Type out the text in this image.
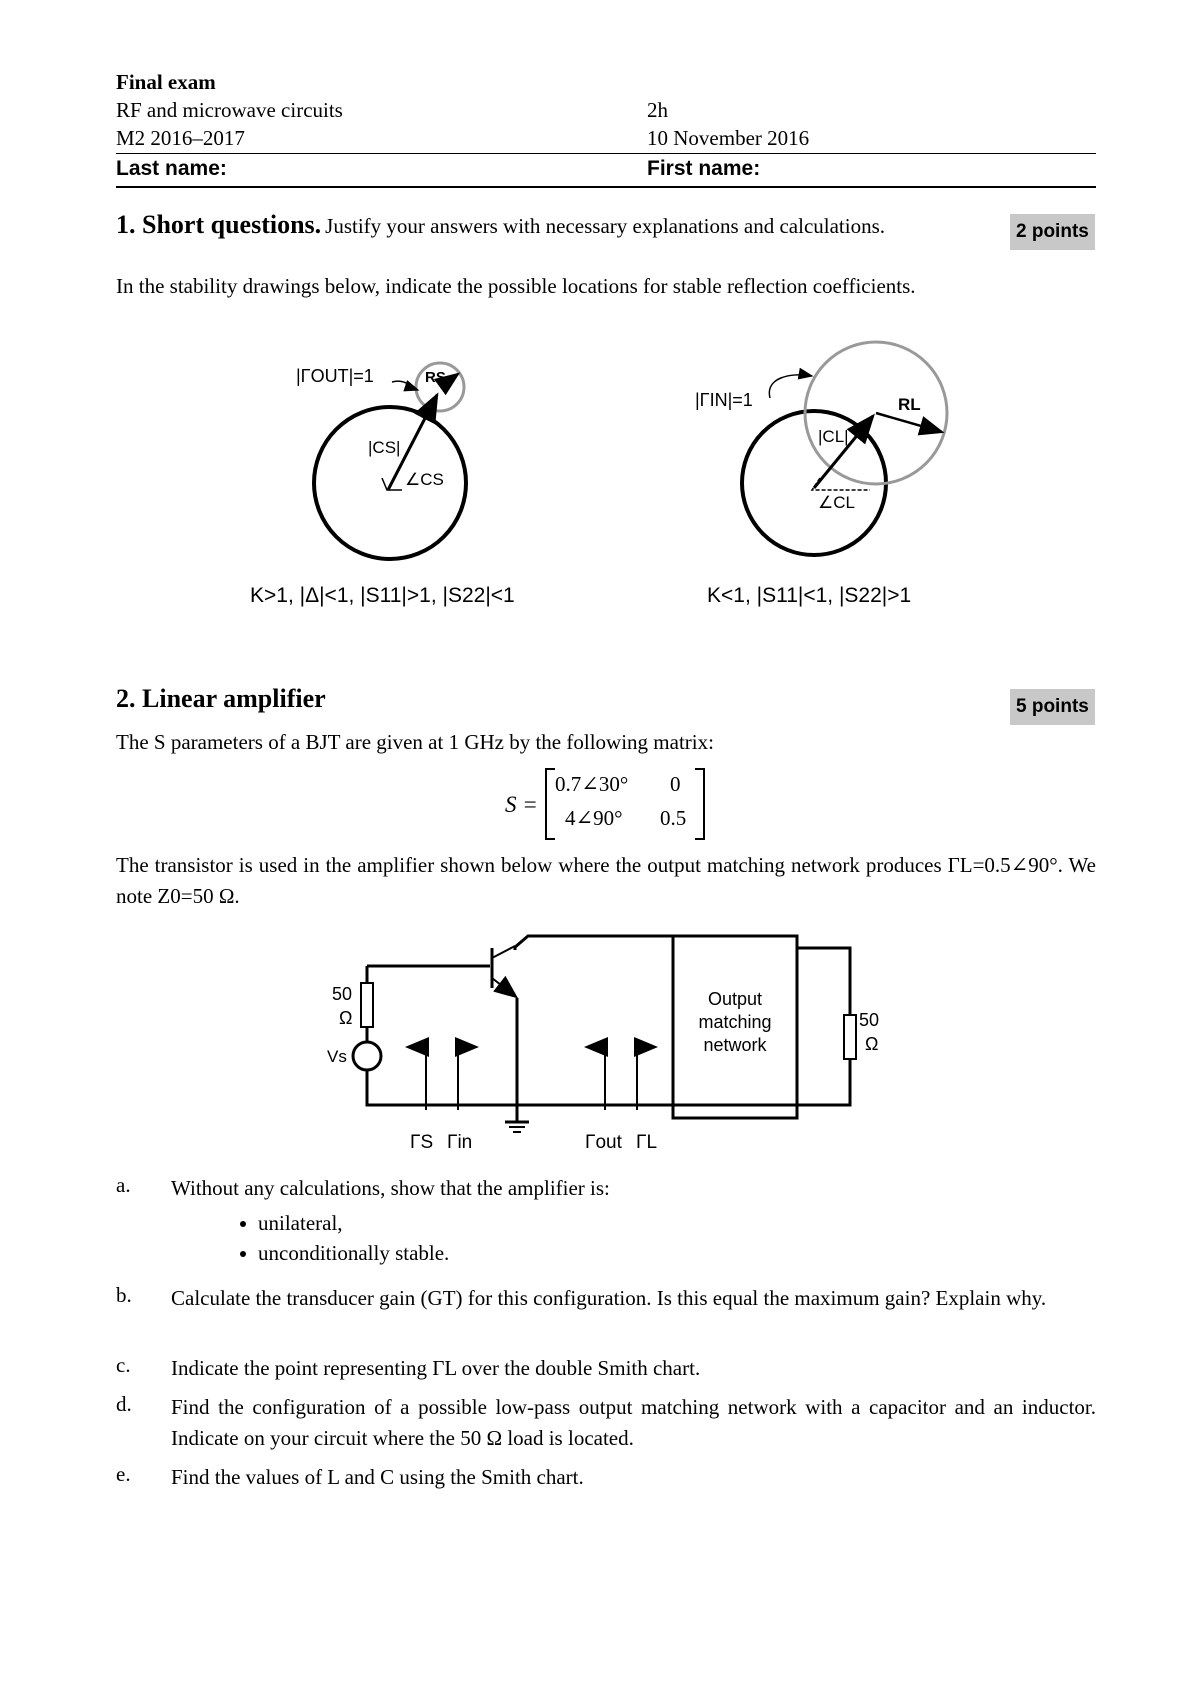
Final exam
RF and microwave circuits	2h
M2 2016–2017	10 November 2016
Last name:	First name:
1. Short questions. Justify your answers with necessary explanations and calculations.	2 points
In the stability drawings below, indicate the possible locations for stable reflection coefficients.
|ΓOUT|=1	RS
|CS|
∠CS
|ΓIN|=1	RL
|CL|
∠CL
K>1, |Δ|<1, |S11|>1, |S22|<1	K<1, |S11|<1, |S22|>1
2. Linear amplifier	5 points
The S parameters of a BJT are given at 1 GHz by the following matrix:
S =
0.7∠30° 0
4∠90° 0.5
The transistor is used in the amplifier shown below where the output matching network produces ΓL=0.5∠90°. We note Z0=50 Ω.
50
Ω
Vs
Output
matching
network
50
Ω
ΓS Γin	Γout ΓL
a. Without any calculations, show that the amplifier is:
unilateral,
unconditionally stable.
b. Calculate the transducer gain (GT) for this configuration. Is this equal the maximum gain? Explain why.
c. Indicate the point representing ΓL over the double Smith chart.
d. Find the configuration of a possible low-pass output matching network with a capacitor and an inductor. Indicate on your circuit where the 50 Ω load is located.
e. Find the values of L and C using the Smith chart.
